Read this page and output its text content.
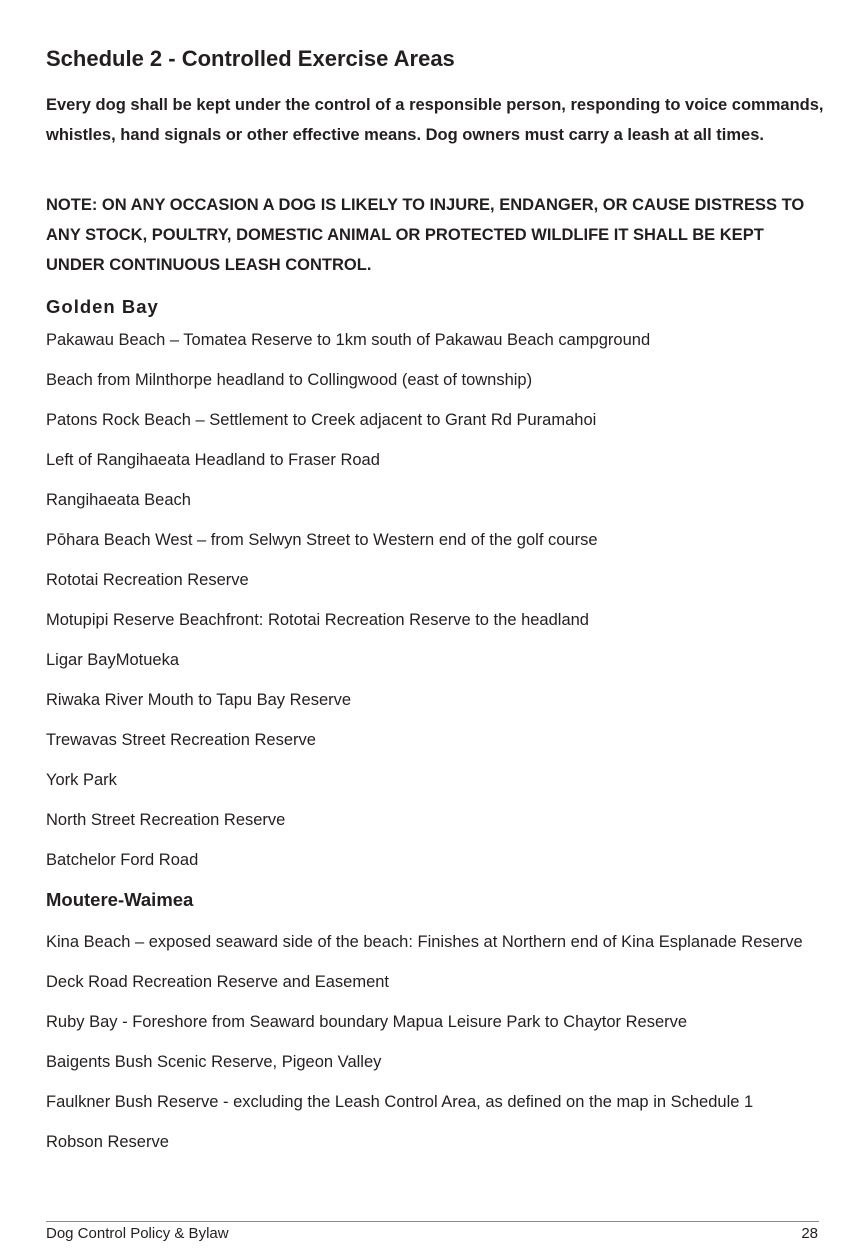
Schedule 2 - Controlled Exercise Areas

Every dog shall be kept under the control of a responsible person, responding to voice commands, whistles, hand signals or other effective means. Dog owners must carry a leash at all times.

NOTE: ON ANY OCCASION A DOG IS LIKELY TO INJURE, ENDANGER, OR CAUSE DISTRESS TO ANY STOCK, POULTRY, DOMESTIC ANIMAL OR PROTECTED WILDLIFE IT SHALL BE KEPT UNDER CONTINUOUS LEASH CONTROL.

Golden Bay
Pakawau Beach – Tomatea Reserve to 1km south of Pakawau Beach campground
Beach from Milnthorpe headland to Collingwood (east of township)
Patons Rock Beach – Settlement to Creek adjacent to Grant Rd Puramahoi
Left of Rangihaeata Headland to Fraser Road
Rangihaeata Beach
Pōhara Beach West – from Selwyn Street to Western end of the golf course
Rototai Recreation Reserve
Motupipi Reserve Beachfront: Rototai Recreation Reserve to the headland
Ligar BayMotueka
Riwaka River Mouth to Tapu Bay Reserve
Trewavas Street Recreation Reserve
York Park
North Street Recreation Reserve
Batchelor Ford Road
Moutere-Waimea
Kina Beach – exposed seaward side of the beach: Finishes at Northern end of Kina Esplanade Reserve
Deck Road Recreation Reserve and Easement
Ruby Bay - Foreshore from Seaward boundary Mapua Leisure Park to Chaytor Reserve
Baigents Bush Scenic Reserve, Pigeon Valley
Faulkner Bush Reserve - excluding the Leash Control Area, as defined on the map in Schedule 1
Robson Reserve
Dog Control Policy & Bylaw	28
